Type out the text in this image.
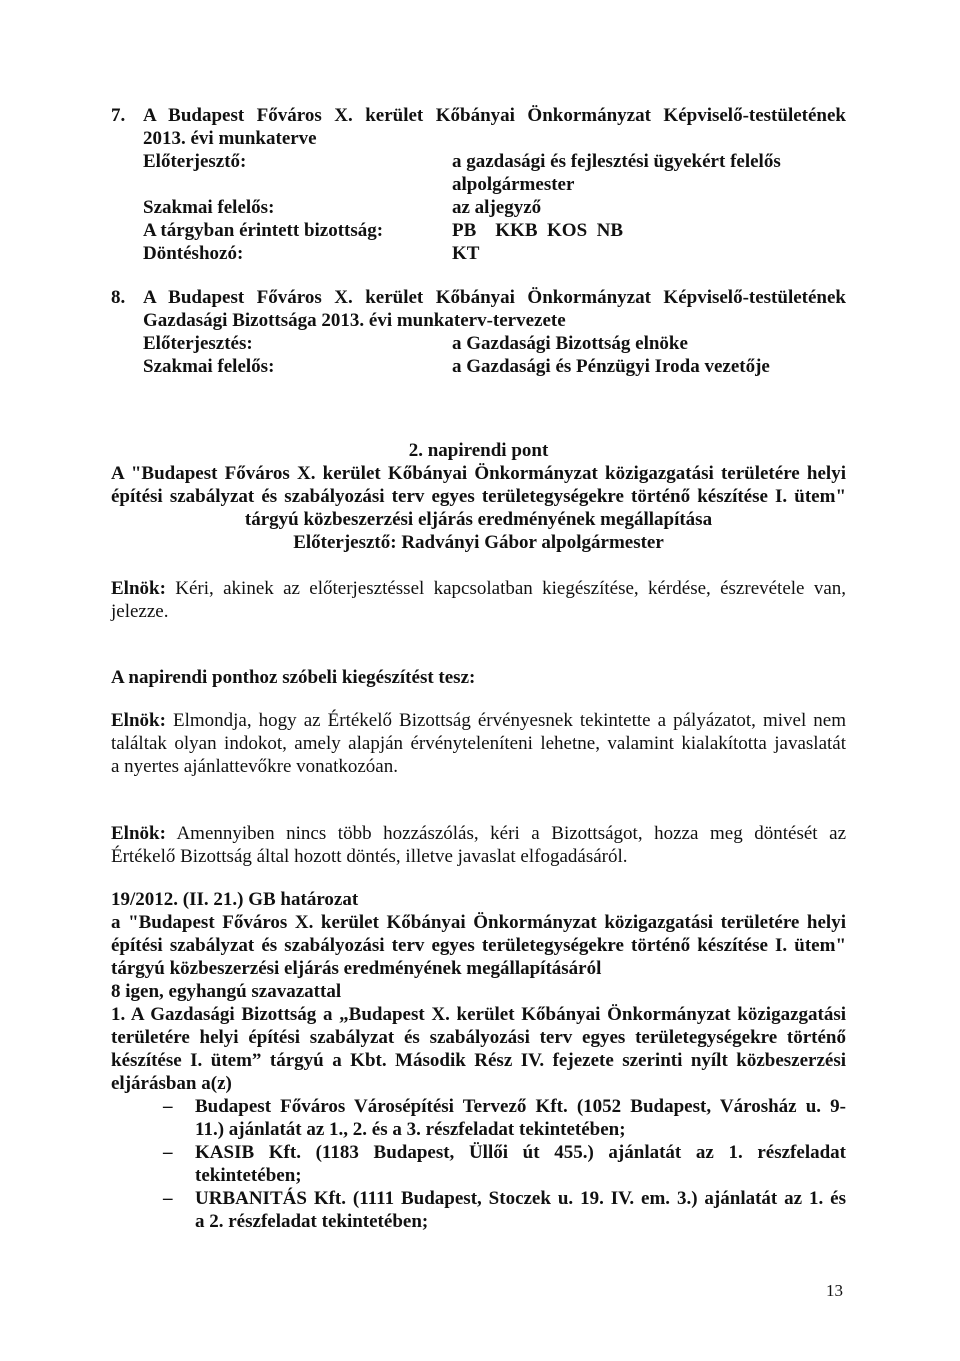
7. A Budapest Főváros X. kerület Kőbányai Önkormányzat Képviselő-testületének
2013. évi munkaterve
Előterjesztő:	a gazdasági és fejlesztési ügyekért felelős
alpolgármester
Szakmai felelős:	az aljegyző
A tárgyban érintett bizottság:	PB    KKB  KOS  NB
Döntéshozó:	KT
8. A Budapest Főváros X. kerület Kőbányai Önkormányzat Képviselő-testületének
Gazdasági Bizottsága 2013. évi munkaterv-tervezete
Előterjesztés:	a Gazdasági Bizottság elnöke
Szakmai felelős:	a Gazdasági és Pénzügyi Iroda vezetője
2. napirendi pont
A "Budapest Főváros X. kerület Kőbányai Önkormányzat közigazgatási területére helyi
építési szabályzat és szabályozási terv egyes területegységekre történő készítése I. ütem"
tárgyú közbeszerzési eljárás eredményének megállapítása
Előterjesztő: Radványi Gábor alpolgármester
Elnök: Kéri, akinek az előterjesztéssel kapcsolatban kiegészítése, kérdése, észrevétele van,
jelezze.
A napirendi ponthoz szóbeli kiegészítést tesz:
Elnök: Elmondja, hogy az Értékelő Bizottság érvényesnek tekintette a pályázatot, mivel nem
találtak olyan indokot, amely alapján érvényteleníteni lehetne, valamint kialakította javaslatát
a nyertes ajánlattevőkre vonatkozóan.
Elnök: Amennyiben nincs több hozzászólás, kéri a Bizottságot, hozza meg döntését az
Értékelő Bizottság által hozott döntés, illetve javaslat elfogadásáról.
19/2012. (II. 21.) GB határozat
a "Budapest Főváros X. kerület Kőbányai Önkormányzat közigazgatási területére helyi
építési szabályzat és szabályozási terv egyes területegységekre történő készítése I. ütem"
tárgyú közbeszerzési eljárás eredményének megállapításáról
8 igen, egyhangú szavazattal
1. A Gazdasági Bizottság a „Budapest X. kerület Kőbányai Önkormányzat közigazgatási
területére helyi építési szabályzat és szabályozási terv egyes területegységekre történő
készítése I. ütem” tárgyú a Kbt. Második Rész IV. fejezete szerinti nyílt közbeszerzési
eljárásban a(z)
– Budapest Főváros Városépítési Tervező Kft. (1052 Budapest, Városház u. 9-
11.) ajánlatát az 1., 2. és a 3. részfeladat tekintetében;
– KASIB Kft. (1183 Budapest, Üllői út 455.) ajánlatát az 1. részfeladat
tekintetében;
– URBANITÁS Kft. (1111 Budapest, Stoczek u. 19. IV. em. 3.) ajánlatát az 1. és
a 2. részfeladat tekintetében;
13
